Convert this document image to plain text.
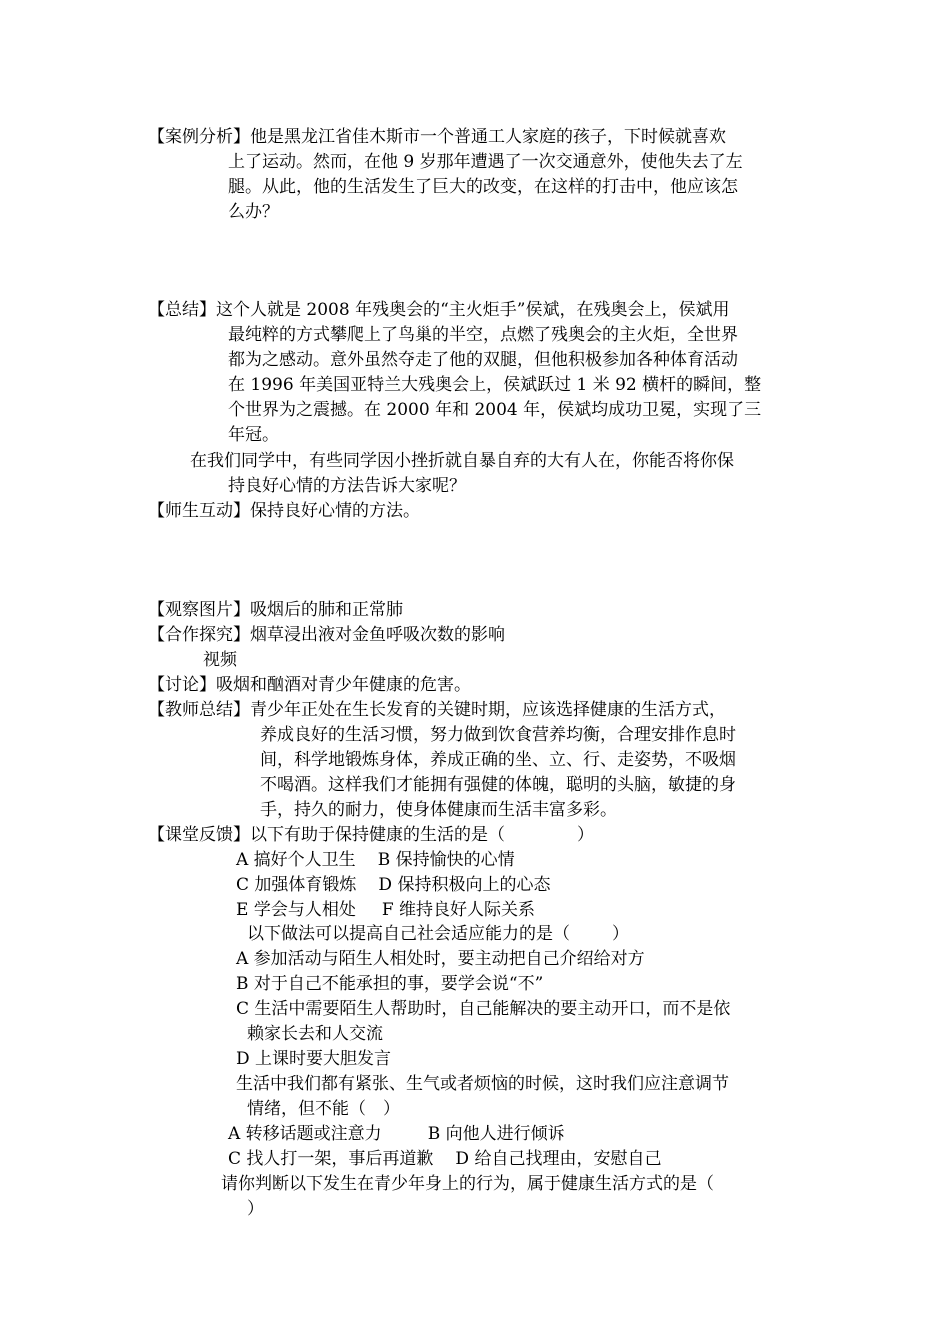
【案例分析】他是黑龙江省佳木斯市一个普通工人家庭的孩子，下时候就喜欢
上了运动。然而，在他 9 岁那年遭遇了一次交通意外，使他失去了左
腿。从此，他的生活发生了巨大的改变，在这样的打击中，他应该怎
么办？
【总结】这个人就是 2008 年残奥会的“主火炬手”侯斌，在残奥会上，侯斌用
最纯粹的方式攀爬上了鸟巢的半空，点燃了残奥会的主火炬，全世界
都为之感动。意外虽然夺走了他的双腿，但他积极参加各种体育活动
在 1996 年美国亚特兰大残奥会上，侯斌跃过 1 米 92 横杆的瞬间，整
个世界为之震撼。在 2000 年和 2004 年，侯斌均成功卫冕，实现了三
年冠。
在我们同学中，有些同学因小挫折就自暴自弃的大有人在，你能否将你保
持良好心情的方法告诉大家呢？
【师生互动】保持良好心情的方法。
【观察图片】吸烟后的肺和正常肺
【合作探究】烟草浸出液对金鱼呼吸次数的影响
视频
【讨论】吸烟和酗酒对青少年健康的危害。
【教师总结】青少年正处在生长发育的关键时期，应该选择健康的生活方式，
养成良好的生活习惯，努力做到饮食营养均衡，合理安排作息时
间，科学地锻炼身体，养成正确的坐、立、行、走姿势，不吸烟
不喝酒。这样我们才能拥有强健的体魄，聪明的头脑，敏捷的身
手，持久的耐力，使身体健康而生活丰富多彩。
【课堂反馈】以下有助于保持健康的生活的是（	）
A 搞好个人卫生 B 保持愉快的心情
C 加强体育锻炼 D 保持积极向上的心态
E 学会与人相处 F 维持良好人际关系
以下做法可以提高自己社会适应能力的是（ ）
A 参加活动与陌生人相处时，要主动把自己介绍给对方
B 对于自己不能承担的事，要学会说“不”
C 生活中需要陌生人帮助时，自己能解决的要主动开口，而不是依
赖家长去和人交流
D 上课时要大胆发言
生活中我们都有紧张、生气或者烦恼的时候，这时我们应注意调节
情绪，但不能（　）
A 转移话题或注意力	B 向他人进行倾诉
C 找人打一架，事后再道歉 D 给自己找理由，安慰自己
请你判断以下发生在青少年身上的行为，属于健康生活方式的是（
）
